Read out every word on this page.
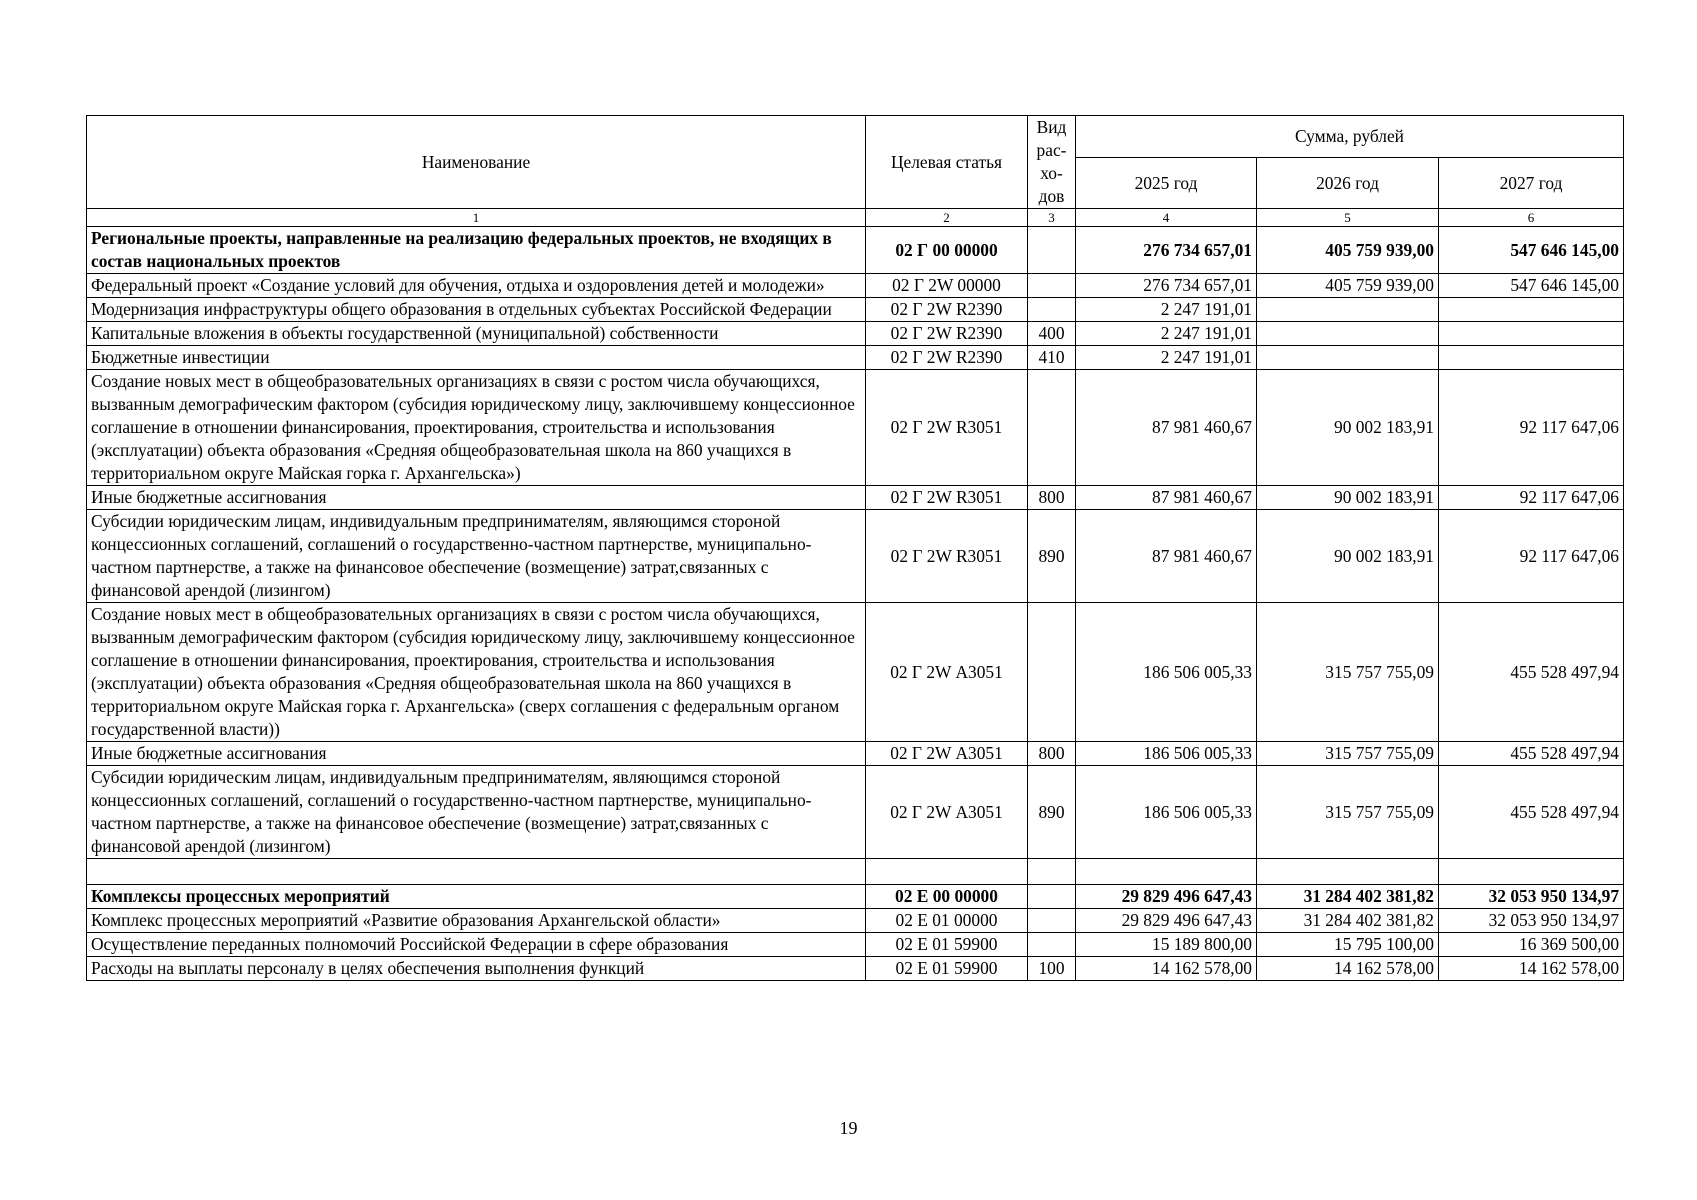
Наименование	Целевая статья	Вид рас-хо-дов	Сумма, рублей		
			2025 год	2026 год	2027 год
1	2	3	4	5	6
Региональные проекты, направленные на реализацию федеральных проектов, не входящих в состав национальных проектов	02 Г 00 00000		276 734 657,01	405 759 939,00	547 646 145,00
Федеральный проект «Создание условий для обучения, отдыха и оздоровления детей и молодежи»	02 Г 2W 00000		276 734 657,01	405 759 939,00	547 646 145,00
Модернизация инфраструктуры общего образования в отдельных субъектах Российской Федерации	02 Г 2W R2390		2 247 191,01		
Капитальные вложения в объекты государственной (муниципальной) собственности	02 Г 2W R2390	400	2 247 191,01		
Бюджетные инвестиции	02 Г 2W R2390	410	2 247 191,01		
Создание новых мест в общеобразовательных организациях в связи с ростом числа обучающихся, вызванным демографическим фактором (субсидия юридическому лицу, заключившему концессионное соглашение в отношении финансирования, проектирования, строительства и использования (эксплуатации) объекта образования «Средняя общеобразовательная школа на 860 учащихся в территориальном округе Майская горка г. Архангельска»)	02 Г 2W R3051		87 981 460,67	90 002 183,91	92 117 647,06
Иные бюджетные ассигнования	02 Г 2W R3051	800	87 981 460,67	90 002 183,91	92 117 647,06
Субсидии юридическим лицам, индивидуальным предпринимателям, являющимся стороной концессионных соглашений, соглашений о государственно-частном партнерстве, муниципально-частном партнерстве, а также на финансовое обеспечение (возмещение) затрат,связанных с финансовой арендой (лизингом)	02 Г 2W R3051	890	87 981 460,67	90 002 183,91	92 117 647,06
Создание новых мест в общеобразовательных организациях в связи с ростом числа обучающихся, вызванным демографическим фактором (субсидия юридическому лицу, заключившему концессионное соглашение в отношении финансирования, проектирования, строительства и использования (эксплуатации) объекта образования «Средняя общеобразовательная школа на 860 учащихся в территориальном округе Майская горка г. Архангельска» (сверх соглашения с федеральным органом государственной власти))	02 Г 2W А3051		186 506 005,33	315 757 755,09	455 528 497,94
Иные бюджетные ассигнования	02 Г 2W А3051	800	186 506 005,33	315 757 755,09	455 528 497,94
Субсидии юридическим лицам, индивидуальным предпринимателям, являющимся стороной концессионных соглашений, соглашений о государственно-частном партнерстве, муниципально-частном партнерстве, а также на финансовое обеспечение (возмещение) затрат,связанных с финансовой арендой (лизингом)	02 Г 2W А3051	890	186 506 005,33	315 757 755,09	455 528 497,94

Комплексы процессных мероприятий	02 Е 00 00000		29 829 496 647,43	31 284 402 381,82	32 053 950 134,97
Комплекс процессных мероприятий «Развитие образования Архангельской области»	02 Е 01 00000		29 829 496 647,43	31 284 402 381,82	32 053 950 134,97
Осуществление переданных полномочий Российской Федерации в сфере образования	02 Е 01 59900		15 189 800,00	15 795 100,00	16 369 500,00
Расходы на выплаты персоналу в целях обеспечения выполнения функций	02 Е 01 59900	100	14 162 578,00	14 162 578,00	14 162 578,00
19
